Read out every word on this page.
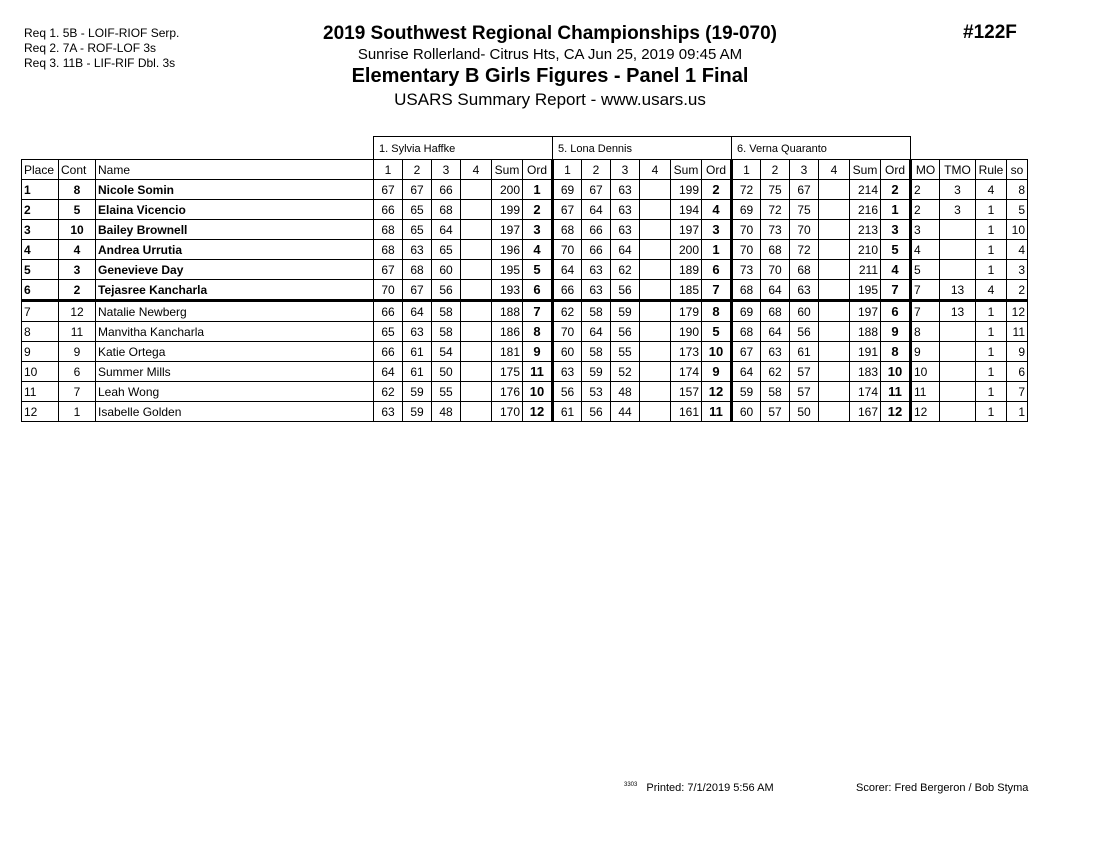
Req 1. 5B - LOIF-RIOF Serp.
Req 2. 7A - ROF-LOF 3s
Req 3. 11B - LIF-RIF Dbl. 3s
2019 Southwest Regional Championships (19-070)
Sunrise Rollerland- Citrus Hts, CA Jun 25, 2019 09:45 AM
Elementary B Girls Figures - Panel 1 Final
USARS Summary Report - www.usars.us
#122F
			1. Sylvia Haffke						5. Lona Dennis						6. Verna Quaranto									
Place	Cont	Name	1	2	3	4	Sum	Ord	1	2	3	4	Sum	Ord	1	2	3	4	Sum	Ord	MO	TMO	Rule	so
1	8	Nicole Somin	67	67	66		200	1	69	67	63		199	2	72	75	67		214	2	2	3	4	8
2	5	Elaina Vicencio	66	65	68		199	2	67	64	63		194	4	69	72	75		216	1	2	3	1	5
3	10	Bailey Brownell	68	65	64		197	3	68	66	63		197	3	70	73	70		213	3	3		1	10
4	4	Andrea Urrutia	68	63	65		196	4	70	66	64		200	1	70	68	72		210	5	4		1	4
5	3	Genevieve Day	67	68	60		195	5	64	63	62		189	6	73	70	68		211	4	5		1	3
6	2	Tejasree Kancharla	70	67	56		193	6	66	63	56		185	7	68	64	63		195	7	7	13	4	2
7	12	Natalie Newberg	66	64	58		188	7	62	58	59		179	8	69	68	60		197	6	7	13	1	12
8	11	Manvitha Kancharla	65	63	58		186	8	70	64	56		190	5	68	64	56		188	9	8		1	11
9	9	Katie Ortega	66	61	54		181	9	60	58	55		173	10	67	63	61		191	8	9		1	9
10	6	Summer Mills	64	61	50		175	11	63	59	52		174	9	64	62	57		183	10	10		1	6
11	7	Leah Wong	62	59	55		176	10	56	53	48		157	12	59	58	57		174	11	11		1	7
12	1	Isabelle Golden	63	59	48		170	12	61	56	44		161	11	60	57	50		167	12	12		1	1
$^{3303}$ Printed: 7/1/2019 5:56 AM	Scorer: Fred Bergeron / Bob Styma
